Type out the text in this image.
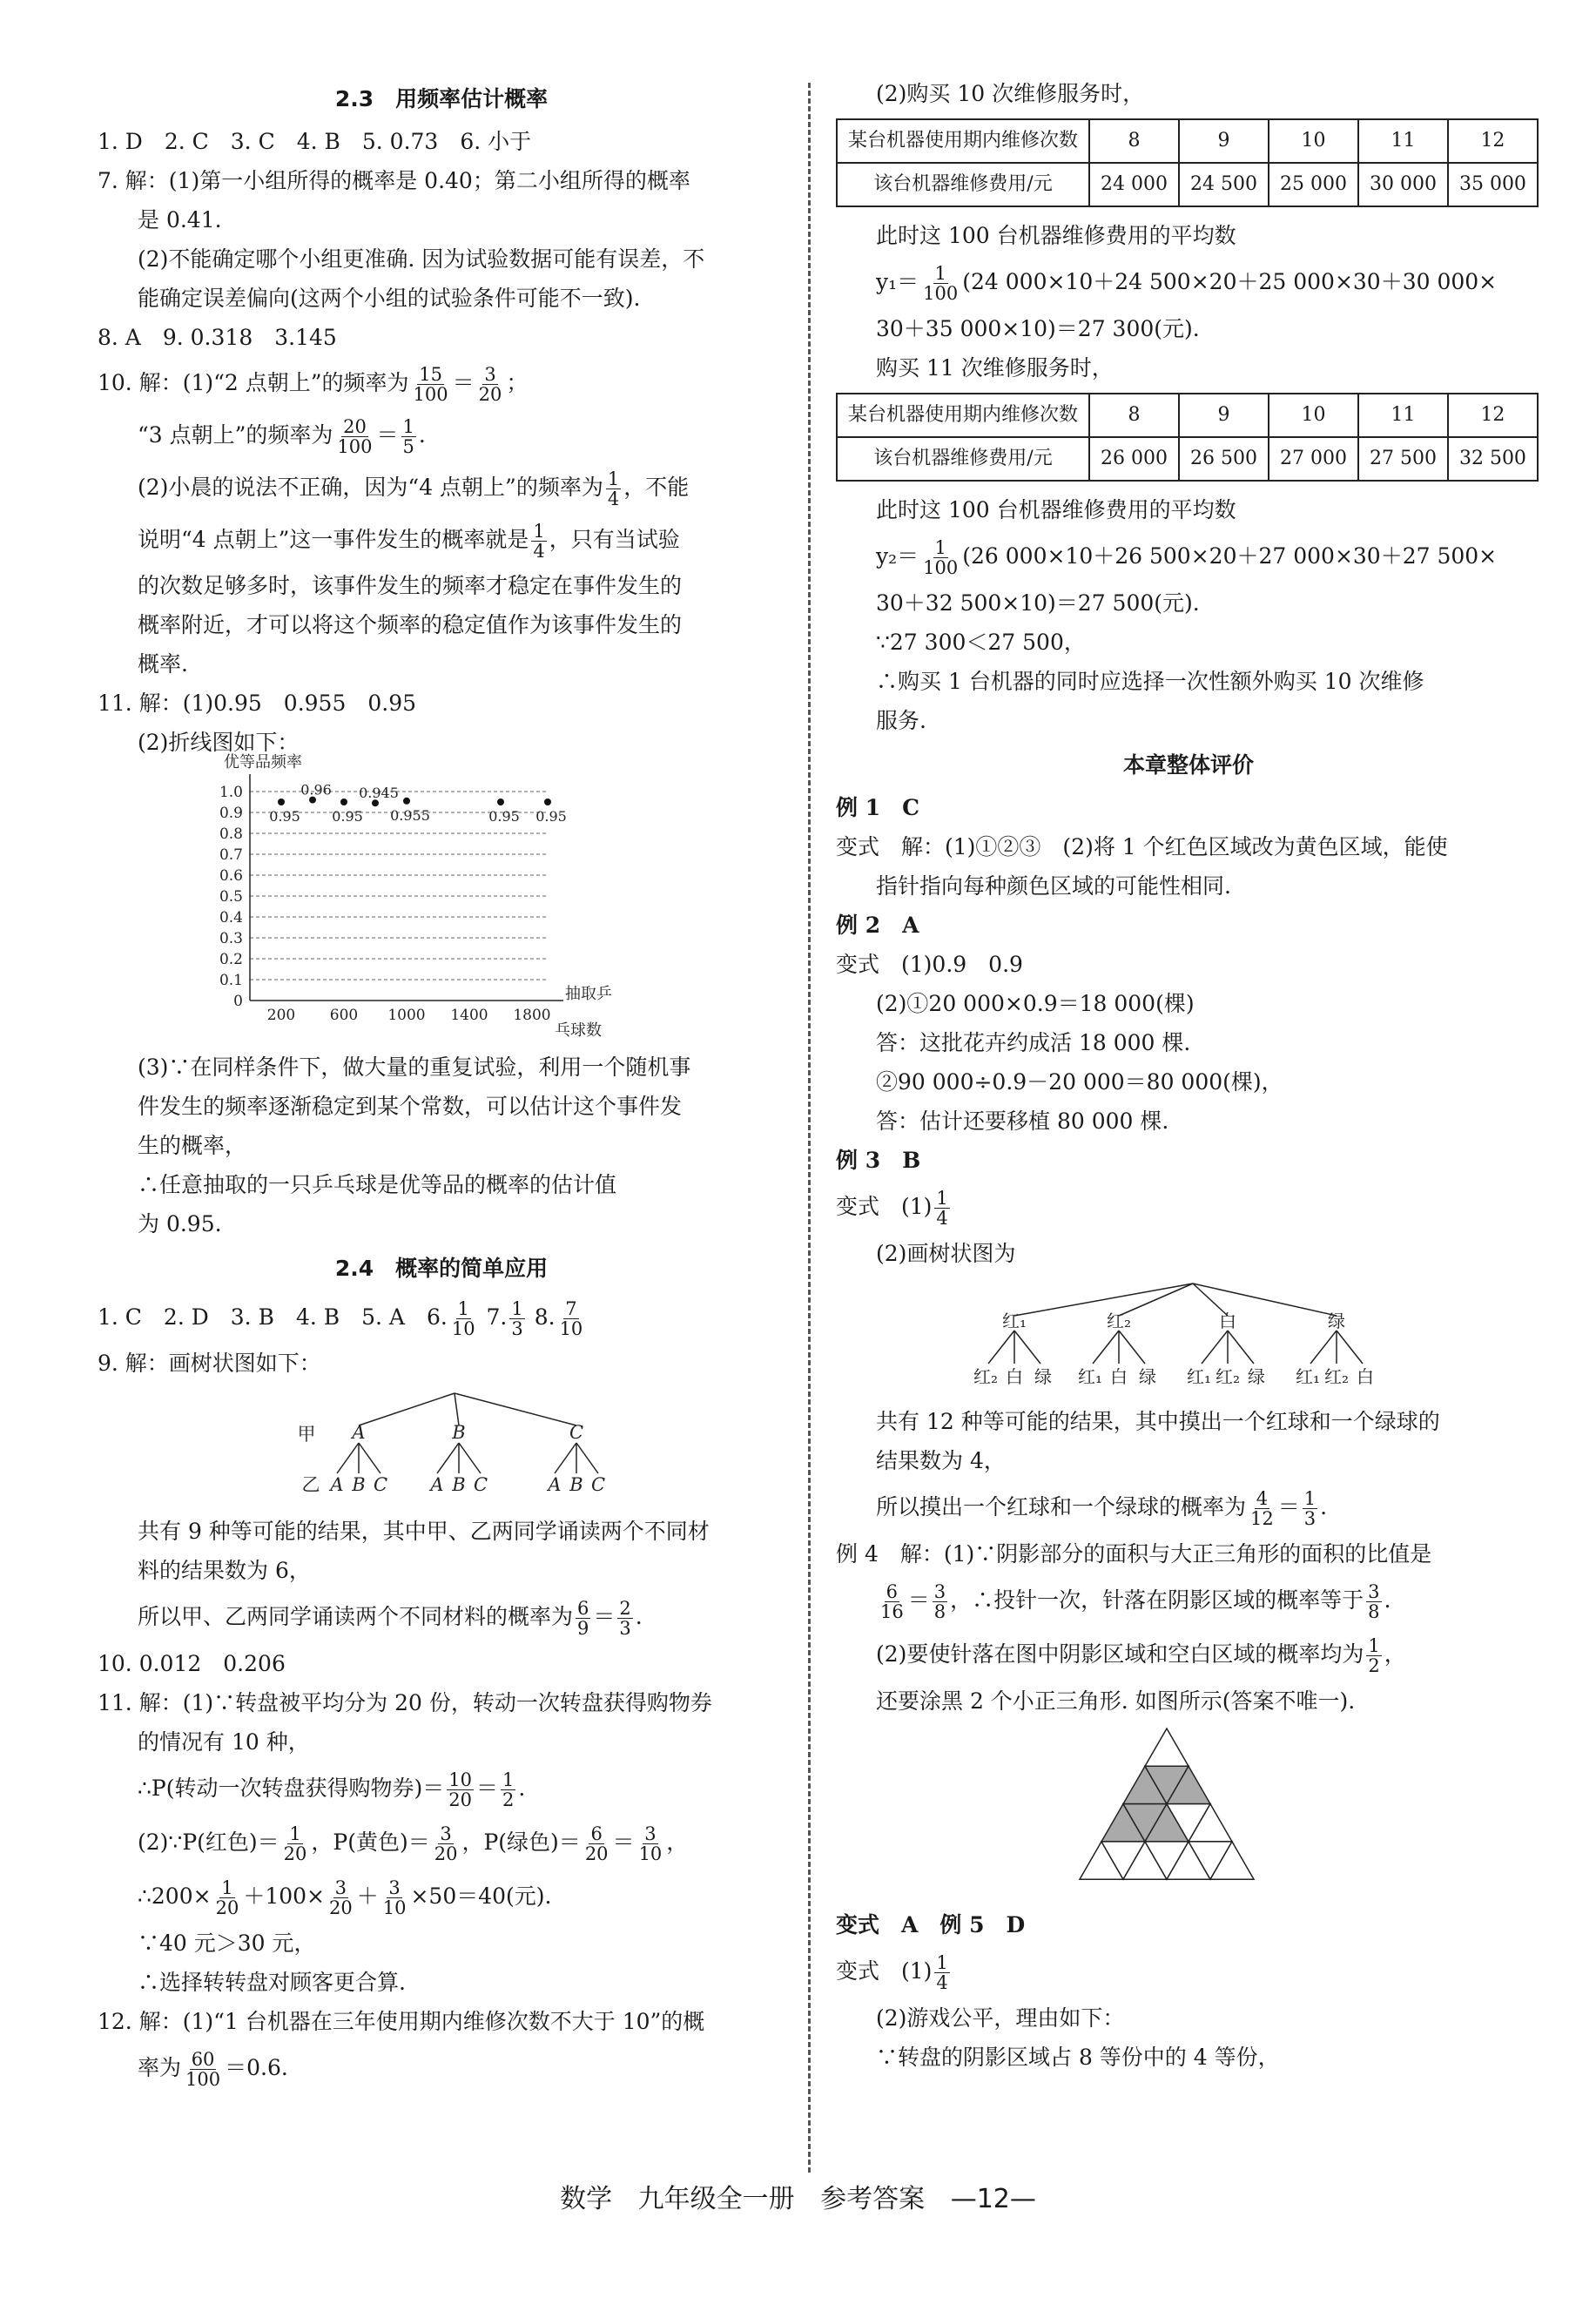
2.3　用频率估计概率
1. D　2. C　3. C　4. B　5. 0.73　6. 小于
7. 解：(1)第一小组所得的概率是 0.40；第二小组所得的概率
是 0.41.
(2)不能确定哪个小组更准确. 因为试验数据可能有误差，不
能确定误差偏向(这两个小组的试验条件可能不一致).
8. A　9. 0.318　3.145
10. 解：(1)“2 点朝上”的频率为 $\frac{15}{100} = \frac{3}{20}$ ；
“3 点朝上”的频率为 $\frac{20}{100} = \frac{1}{5}$ .
(2)小晨的说法不正确，因为“4 点朝上”的频率为 $\frac{1}{4}$ ，不能
说明“4 点朝上”这一事件发生的概率就是 $\frac{1}{4}$ ，只有当试验
的次数足够多时，该事件发生的频率才稳定在事件发生的
概率附近，才可以将这个频率的稳定值作为该事件发生的
概率.
11. 解：(1)0.95　0.955　0.95
(2)折线图如下：
0
0.1
0.2
0.3
0.4
0.5
0.6
0.7
0.8
0.9
1.0
优等品频率
抽取乒
乓球数
200 600 1000 1400 1800
0.95
0.96
0.95
0.945
0.955	0.95 0.95
(3)∵在同样条件下，做大量的重复试验，利用一个随机事
件发生的频率逐渐稳定到某个常数，可以估计这个事件发
生的概率，
∴任意抽取的一只乒乓球是优等品的概率的估计值
为 0.95.
2.4　概率的简单应用
1. C　2. D　3. B　4. B　5. A　6. $\frac{1}{10} 7$. $\frac{1}{3} 8$. $\frac{7}{10}$
9. 解：画树状图如下：
甲 A	B	C
乙 A B C A B C	A B C
共有 9 种等可能的结果，其中甲、乙两同学诵读两个不同材
料的结果数为 6，
所以甲、乙两同学诵读两个不同材料的概率为 $\frac{6}{9} = \frac{2}{3}$ .
10. 0.012　0.206
11. 解：(1)∵转盘被平均分为 20 份，转动一次转盘获得购物券
的情况有 10 种，
∴P(转动一次转盘获得购物券)＝ $\frac{10}{20} = \frac{1}{2}$ .
(2)∵P(红色)＝ $\frac{1}{20}$ ，P(黄色)＝ $\frac{3}{20}$ ，P(绿色)＝ $\frac{6}{20} = \frac{3}{10}$ ，
∴200× $\frac{1}{20} +100\times \frac{3}{20} + \frac{3}{10} \times 50=40$(元).
∵40 元＞30 元，
∴选择转转盘对顾客更合算.
12. 解：(1)“1 台机器在三年使用期内维修次数不大于 10”的概
率为 $\frac{60}{100} =0.6$.
(2)购买 10 次维修服务时，
某台机器使用期内维修次数	8	9	10	11	12
该台机器维修费用/元	24 000	24 500	25 000	30 000	35 000
此时这 100 台机器维修费用的平均数
$y_1= \frac{1}{100} (24$ 000×10＋24 500×20＋25 000×30＋30 000×
30＋35 000×10)＝27 300(元).
购买 11 次维修服务时，
某台机器使用期内维修次数	8	9	10	11	12
该台机器维修费用/元	26 000	26 500	27 000	27 500	32 500
此时这 100 台机器维修费用的平均数
$y_2= \frac{1}{100} (26$ 000×10＋26 500×20＋27 000×30＋27 500×
30＋32 500×10)＝27 500(元).
∵27 300＜27 500，
∴购买 1 台机器的同时应选择一次性额外购买 10 次维修
服务.
本章整体评价
例 1　C
变式　解：(1)①②③　(2)将 1 个红色区域改为黄色区域，能使
指针指向每种颜色区域的可能性相同.
例 2　A
变式　(1)0.9　0.9
(2)①20 000×0.9＝18 000(棵)
答：这批花卉约成活 18 000 棵.
②90 000÷0.9－20 000＝80 000(棵)，
答：估计还要移植 80 000 棵.
例 3　B
变式　$(1) \frac{1}{4}$
(2)画树状图为
红₁	红₂	白	绿
红₂ 白 绿 红₁ 白 绿 红₁ 红₂ 绿 红₁ 红₂ 白
共有 12 种等可能的结果，其中摸出一个红球和一个绿球的
结果数为 4，
所以摸出一个红球和一个绿球的概率为 $\frac{4}{12} = \frac{1}{3}$ .
例 4　解：(1)∵阴影部分的面积与大正三角形的面积的比值是
$\frac{6}{16} = \frac{3}{8}$ ，∴投针一次，针落在阴影区域的概率等于 $\frac{3}{8}$ .
(2)要使针落在图中阴影区域和空白区域的概率均为 $\frac{1}{2}$ ，
还要涂黑 2 个小正三角形. 如图所示(答案不唯一).
变式　A　例 5　D
变式　$(1) \frac{1}{4}$
(2)游戏公平，理由如下：
∵转盘的阴影区域占 8 等份中的 4 等份，
数学 九年级全一册 参考答案 —12—
